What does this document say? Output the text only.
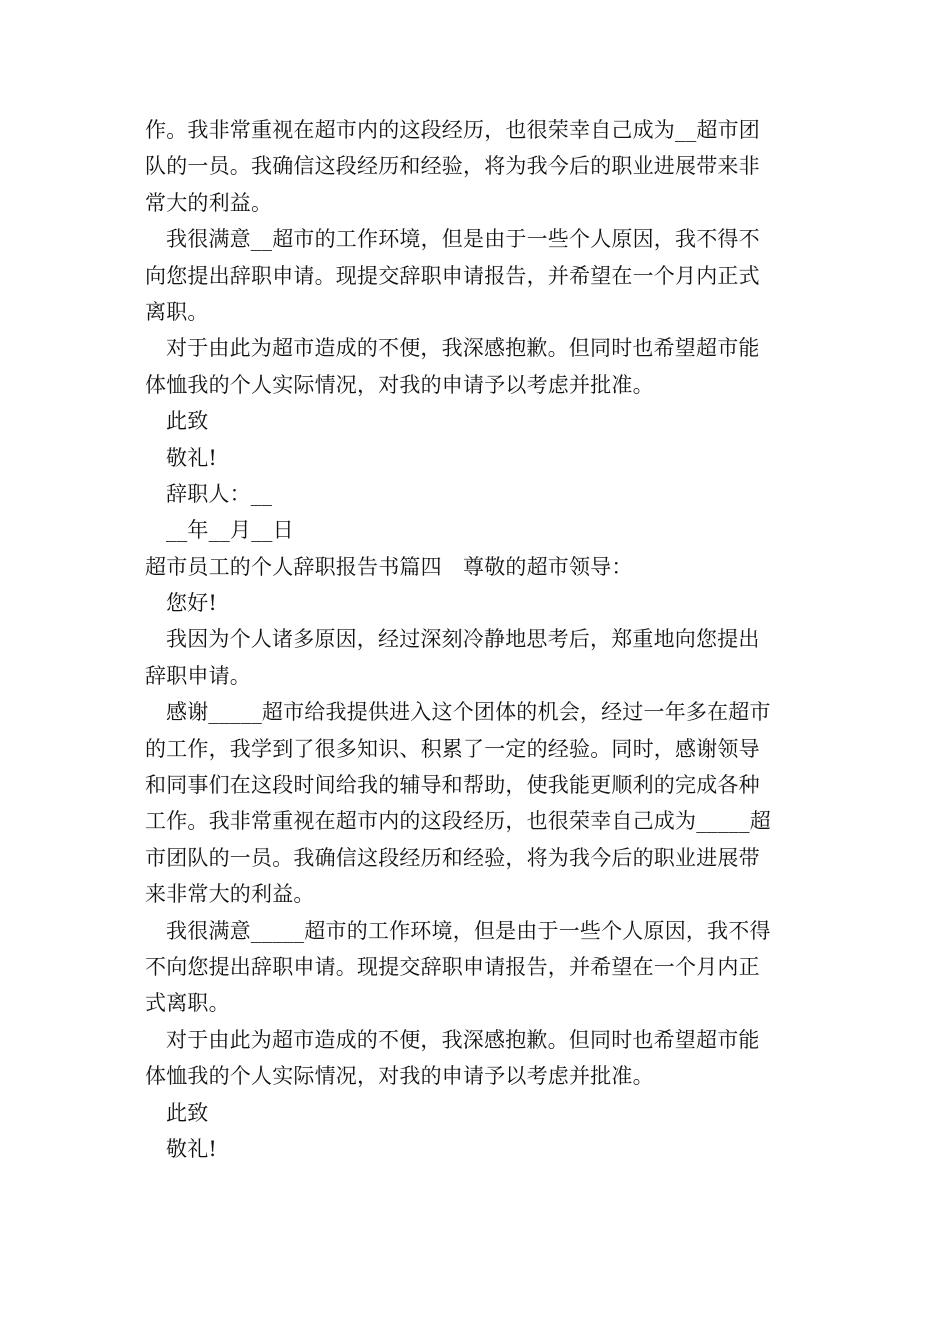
作。我非常重视在超市内的这段经历，也很荣幸自己成为__超市团
队的一员。我确信这段经历和经验，将为我今后的职业进展带来非
常大的利益。
我很满意__超市的工作环境，但是由于一些个人原因，我不得不
向您提出辞职申请。现提交辞职申请报告，并希望在一个月内正式
离职。
对于由此为超市造成的不便，我深感抱歉。但同时也希望超市能
体恤我的个人实际情况，对我的申请予以考虑并批准。
此致
敬礼!
辞职人：__
__年__月__日
超市员工的个人辞职报告书篇四　尊敬的超市领导：
您好!
我因为个人诸多原因，经过深刻冷静地思考后，郑重地向您提出
辞职申请。
感谢_____超市给我提供进入这个团体的机会，经过一年多在超市
的工作，我学到了很多知识、积累了一定的经验。同时，感谢领导
和同事们在这段时间给我的辅导和帮助，使我能更顺利的完成各种
工作。我非常重视在超市内的这段经历，也很荣幸自己成为_____超
市团队的一员。我确信这段经历和经验，将为我今后的职业进展带
来非常大的利益。
我很满意_____超市的工作环境，但是由于一些个人原因，我不得
不向您提出辞职申请。现提交辞职申请报告，并希望在一个月内正
式离职。
对于由此为超市造成的不便，我深感抱歉。但同时也希望超市能
体恤我的个人实际情况，对我的申请予以考虑并批准。
此致
敬礼!
